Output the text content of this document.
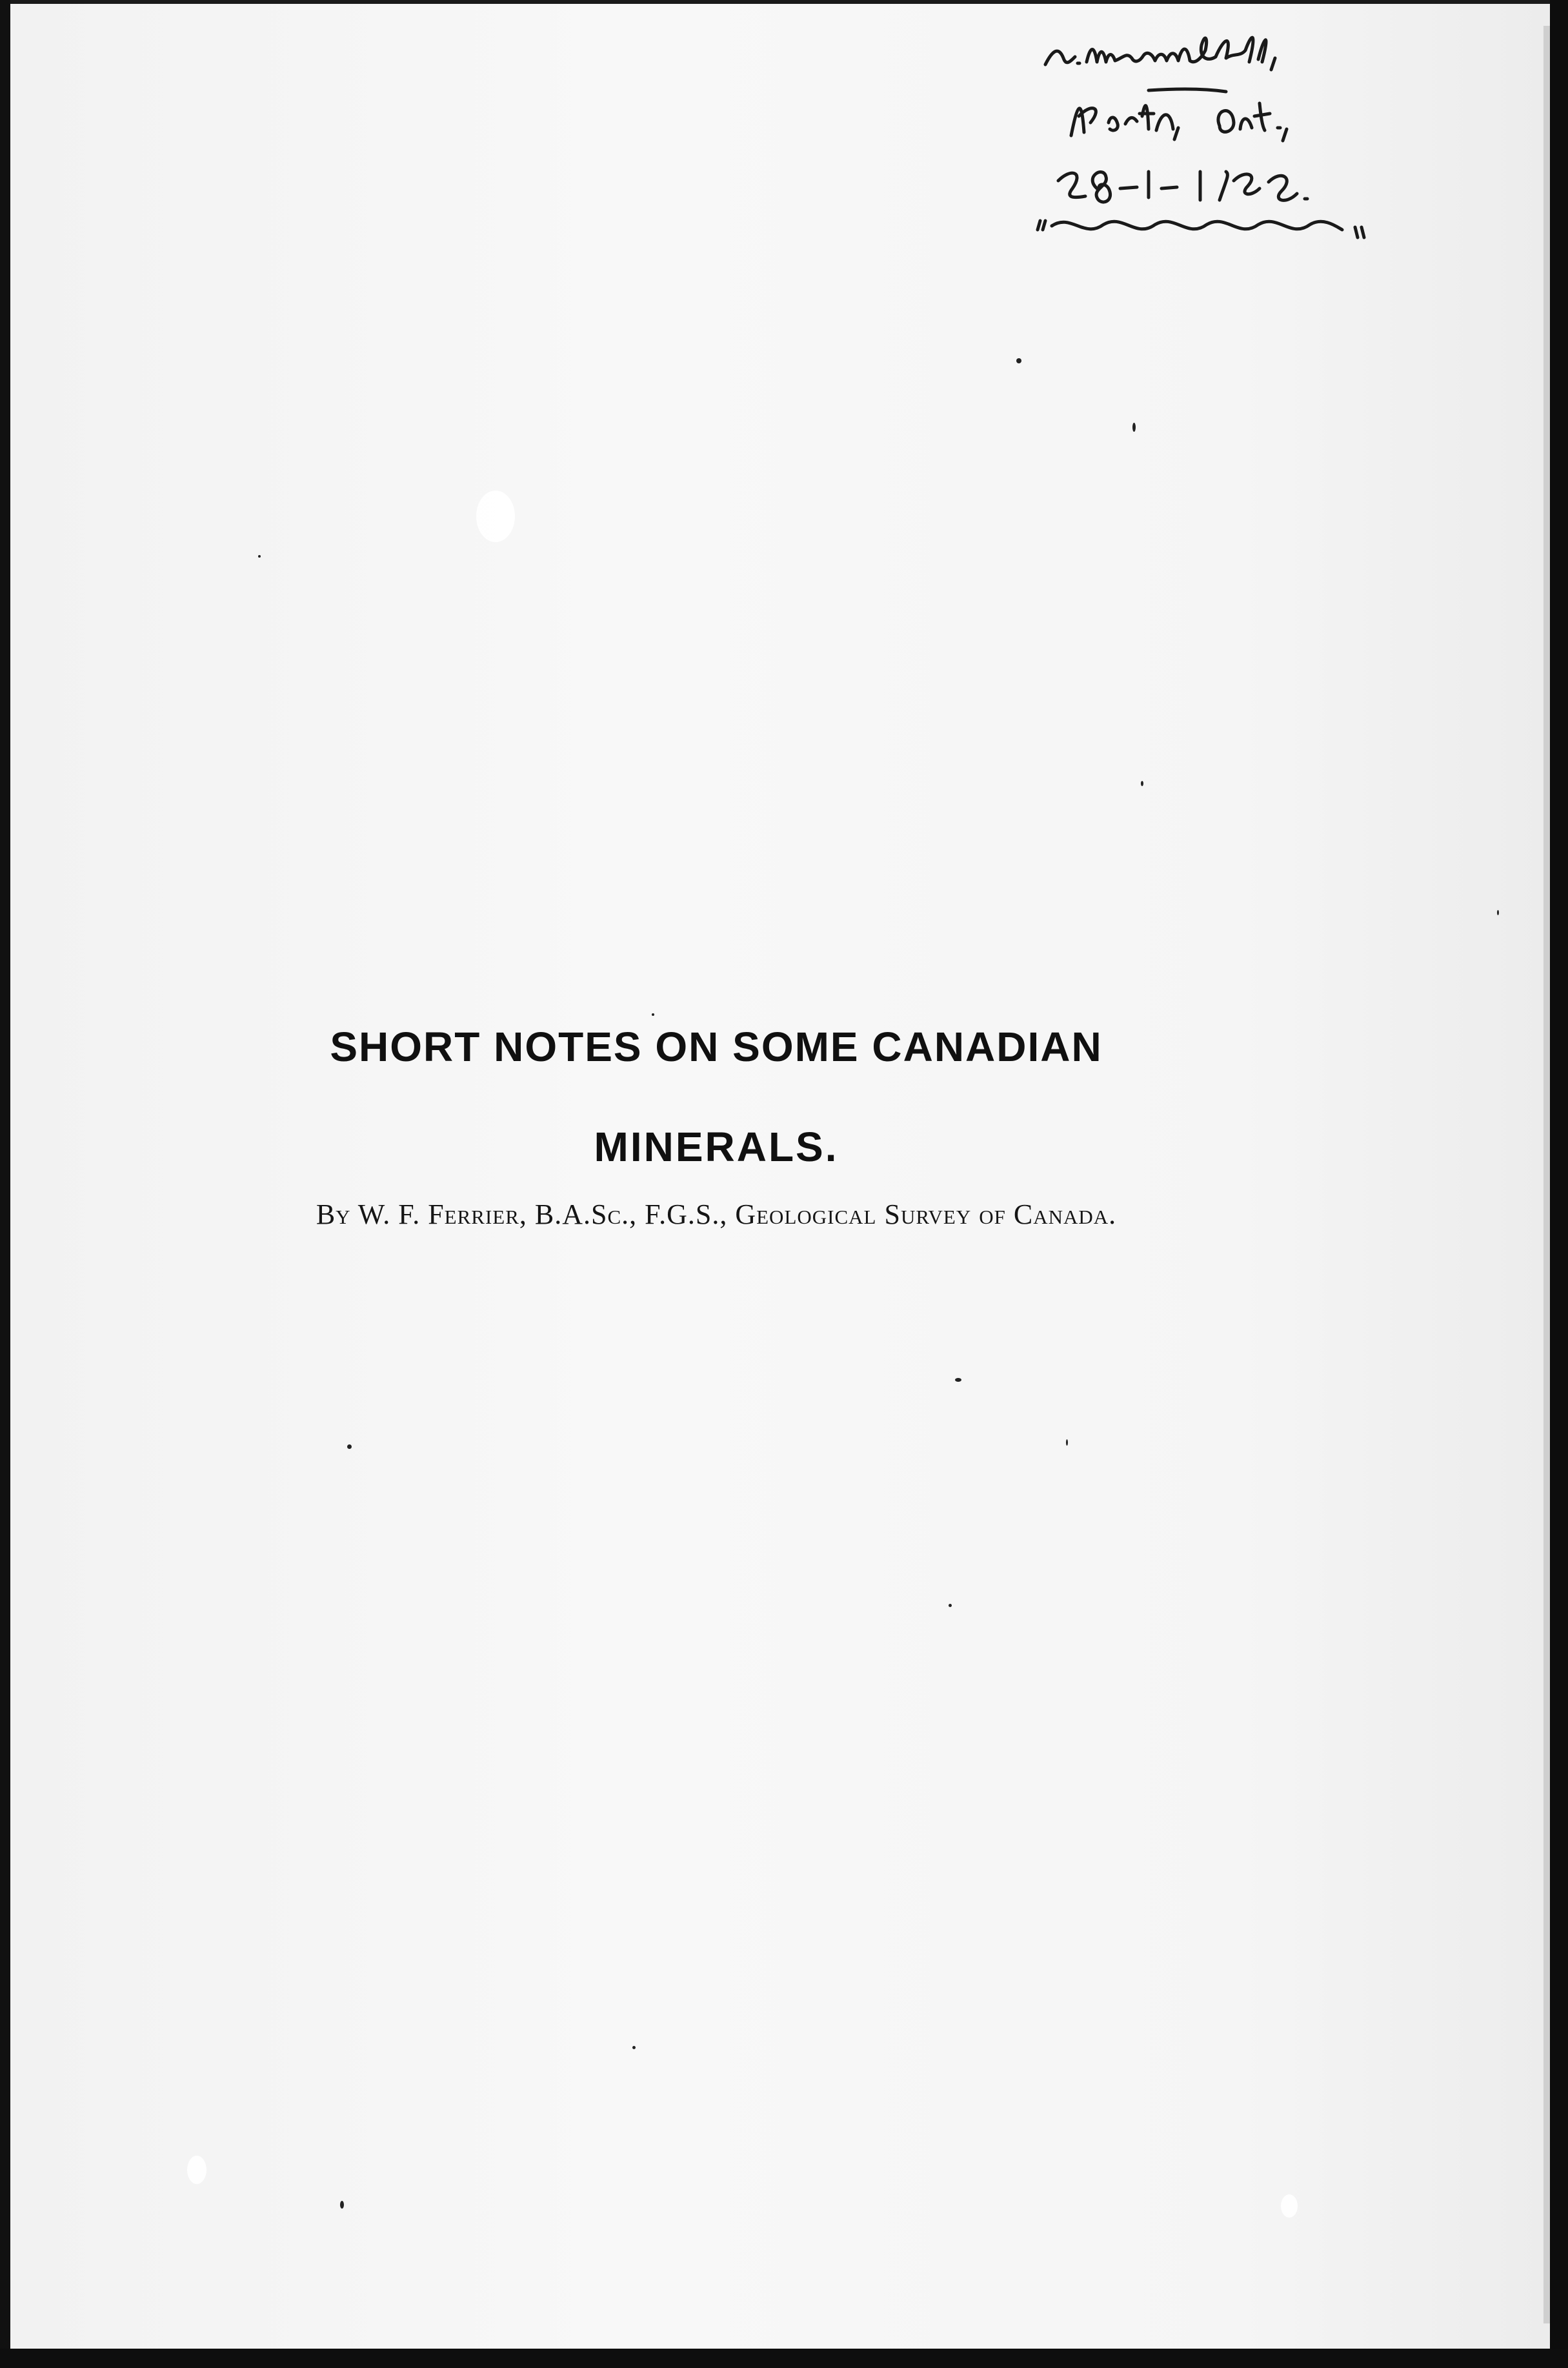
SHORT NOTES ON SOME CANADIAN
MINERALS.
By W. F. Ferrier, B.A.Sc., F.G.S., Geological Survey of Canada.
